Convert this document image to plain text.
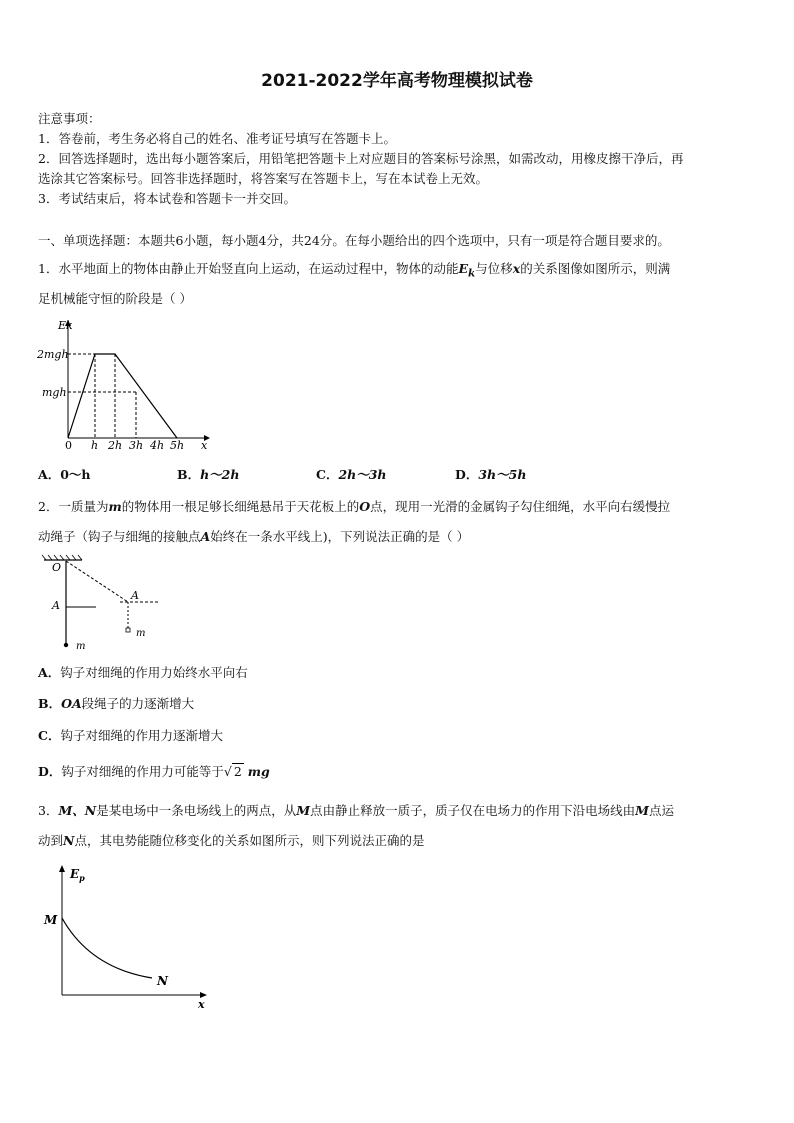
2021-2022学年高考物理模拟试卷
注意事项：
1．答卷前，考生务必将自己的姓名、准考证号填写在答题卡上。
2．回答选择题时，选出每小题答案后，用铅笔把答题卡上对应题目的答案标号涂黑，如需改动，用橡皮擦干净后，再
选涂其它答案标号。回答非选择题时，将答案写在答题卡上，写在本试卷上无效。
3．考试结束后，将本试卷和答题卡一并交回。
一、单项选择题：本题共6小题，每小题4分，共24分。在每小题给出的四个选项中，只有一项是符合题目要求的。
1．水平地面上的物体由静止开始竖直向上运动，在运动过程中，物体的动能$E_k$与位移x的关系图像如图所示，则满
足机械能守恒的阶段是（ ）
Ek
2mgh
mgh
0 h 2h 3h 4h 5h x
A．0～h	B．h～2h	C．2h～3h	D．3h～5h
2．一质量为m的物体用一根足够长细绳悬吊于天花板上的O点，现用一光滑的金属钩子勾住细绳，水平向右缓慢拉
动绳子（钩子与细绳的接触点A始终在一条水平线上)，下列说法正确的是（ ）
O
A
m
A
m
A．钩子对细绳的作用力始终水平向右
B．OA段绳子的力逐渐增大
C．钩子对细绳的作用力逐渐增大
D．钩子对细绳的作用力可能等于√ 2 mg
3．M、N是某电场中一条电场线上的两点，从M点由静止释放一质子，质子仅在电场力的作用下沿电场线由M点运
动到N点，其电势能随位移变化的关系如图所示，则下列说法正确的是
$E_p$
M
N
x
